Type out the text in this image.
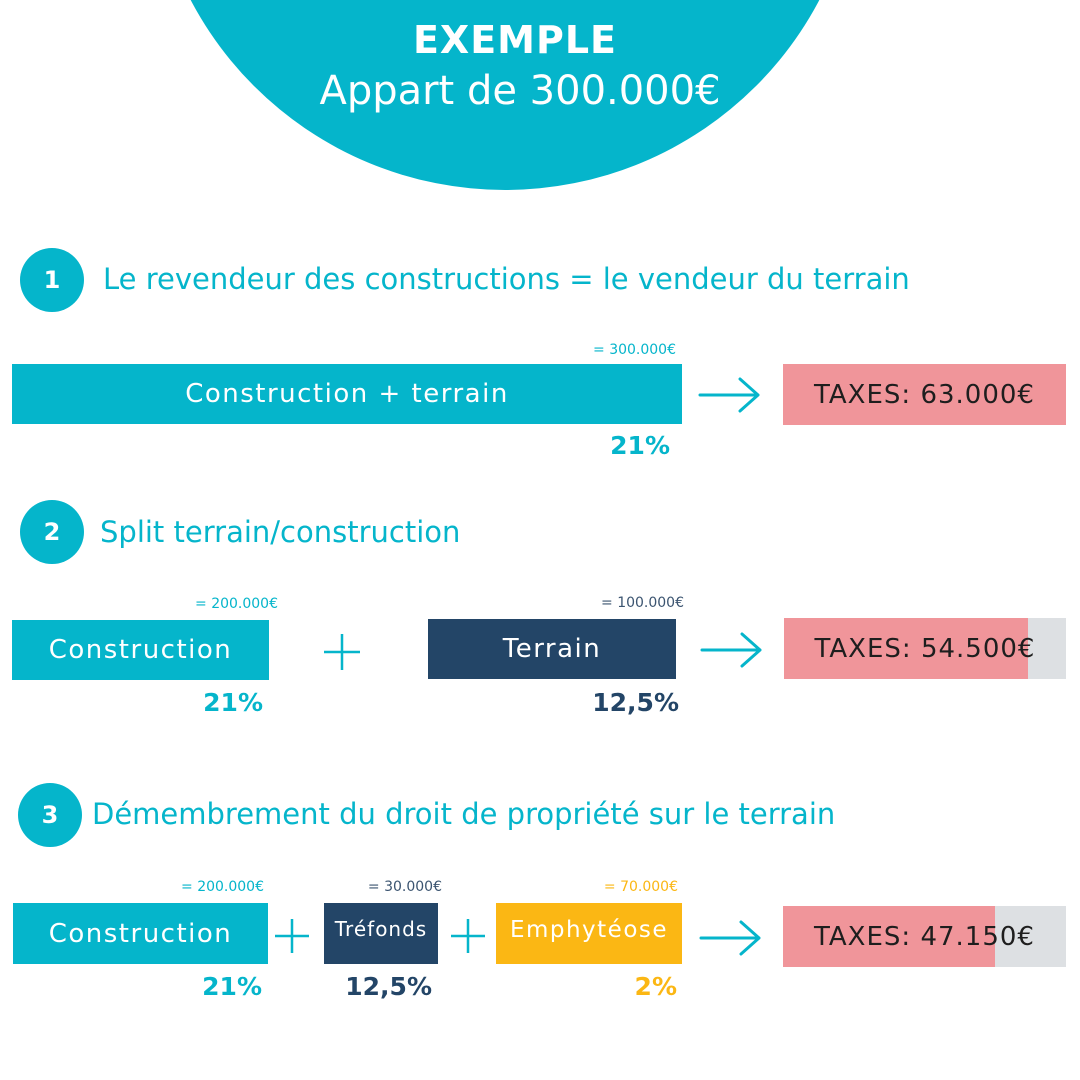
EXEMPLE
Appart de 300.000€
1	Le revendeur des constructions = le vendeur du terrain
= 300.000€
Construction + terrain
21%
TAXES: 63.000€
2	Split terrain/construction
= 200.000€
Construction
21%
= 100.000€
Terrain
12,5%
TAXES: 54.500€
3	Démembrement du droit de propriété sur le terrain
= 200.000€
Construction
21%
= 30.000€
Tréfonds
12,5%
= 70.000€
Emphytéose
2%
TAXES: 47.150€
